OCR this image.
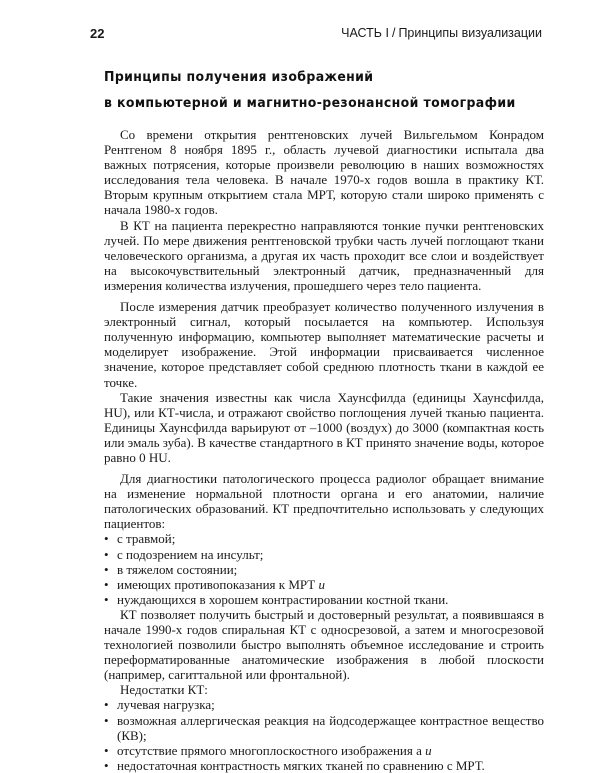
22	ЧАСТЬ I / Принципы визуализации
Принципы получения изображений
в компьютерной и магнитно-резонансной томографии

Со времени открытия рентгеновских лучей Вильгельмом Конрадом Рентгеном 8 ноября 1895 г., область лучевой диагностики испытала два важных потрясения, которые произвели революцию в наших возможностях исследования тела человека. В начале 1970-х годов вошла в практику КТ. Вторым крупным открытием стала МРТ, которую стали широко применять с начала 1980-х годов.

В КТ на пациента перекрестно направляются тонкие пучки рентгеновских лучей. По мере движения рентгеновской трубки часть лучей поглощают ткани человеческого организма, а другая их часть проходит все слои и воздействует на высокочувствительный электронный датчик, предназначенный для измерения количества излучения, прошедшего через тело пациента.

После измерения датчик преобразует количество полученного излучения в электронный сигнал, который посылается на компьютер. Используя полученную информацию, компьютер выполняет математические расчеты и моделирует изображение. Этой информации присваивается численное значение, которое представляет собой среднюю плотность ткани в каждой ее точке.

Такие значения известны как числа Хаунсфилда (единицы Хаунсфилда, HU), или КТ-числа, и отражают свойство поглощения лучей тканью пациента. Единицы Хаунсфилда варьируют от –1000 (воздух) до 3000 (компактная кость или эмаль зуба). В качестве стандартного в КТ принято значение воды, которое равно 0 HU.

Для диагностики патологического процесса радиолог обращает внимание на изменение нормальной плотности органа и его анатомии, наличие патологических образований. КТ предпочтительно использовать у следующих пациентов:

• с травмой;
• с подозрением на инсульт;
• в тяжелом состоянии;
• имеющих противопоказания к МРТ и
• нуждающихся в хорошем контрастировании костной ткани.

КТ позволяет получить быстрый и достоверный результат, а появившаяся в начале 1990-х годов спиральная КТ с односрезовой, а затем и многосрезовой технологией позволили быстро выполнять объемное исследование и строить переформатированные анатомические изображения в любой плоскости (например, сагиттальной или фронтальной).

Недостатки КТ:

• лучевая нагрузка;
• возможная аллергическая реакция на йодсодержащее контрастное вещество (КВ);
• отсутствие прямого многоплоскостного изображения а и
• недостаточная контрастность мягких тканей по сравнению с МРТ.
